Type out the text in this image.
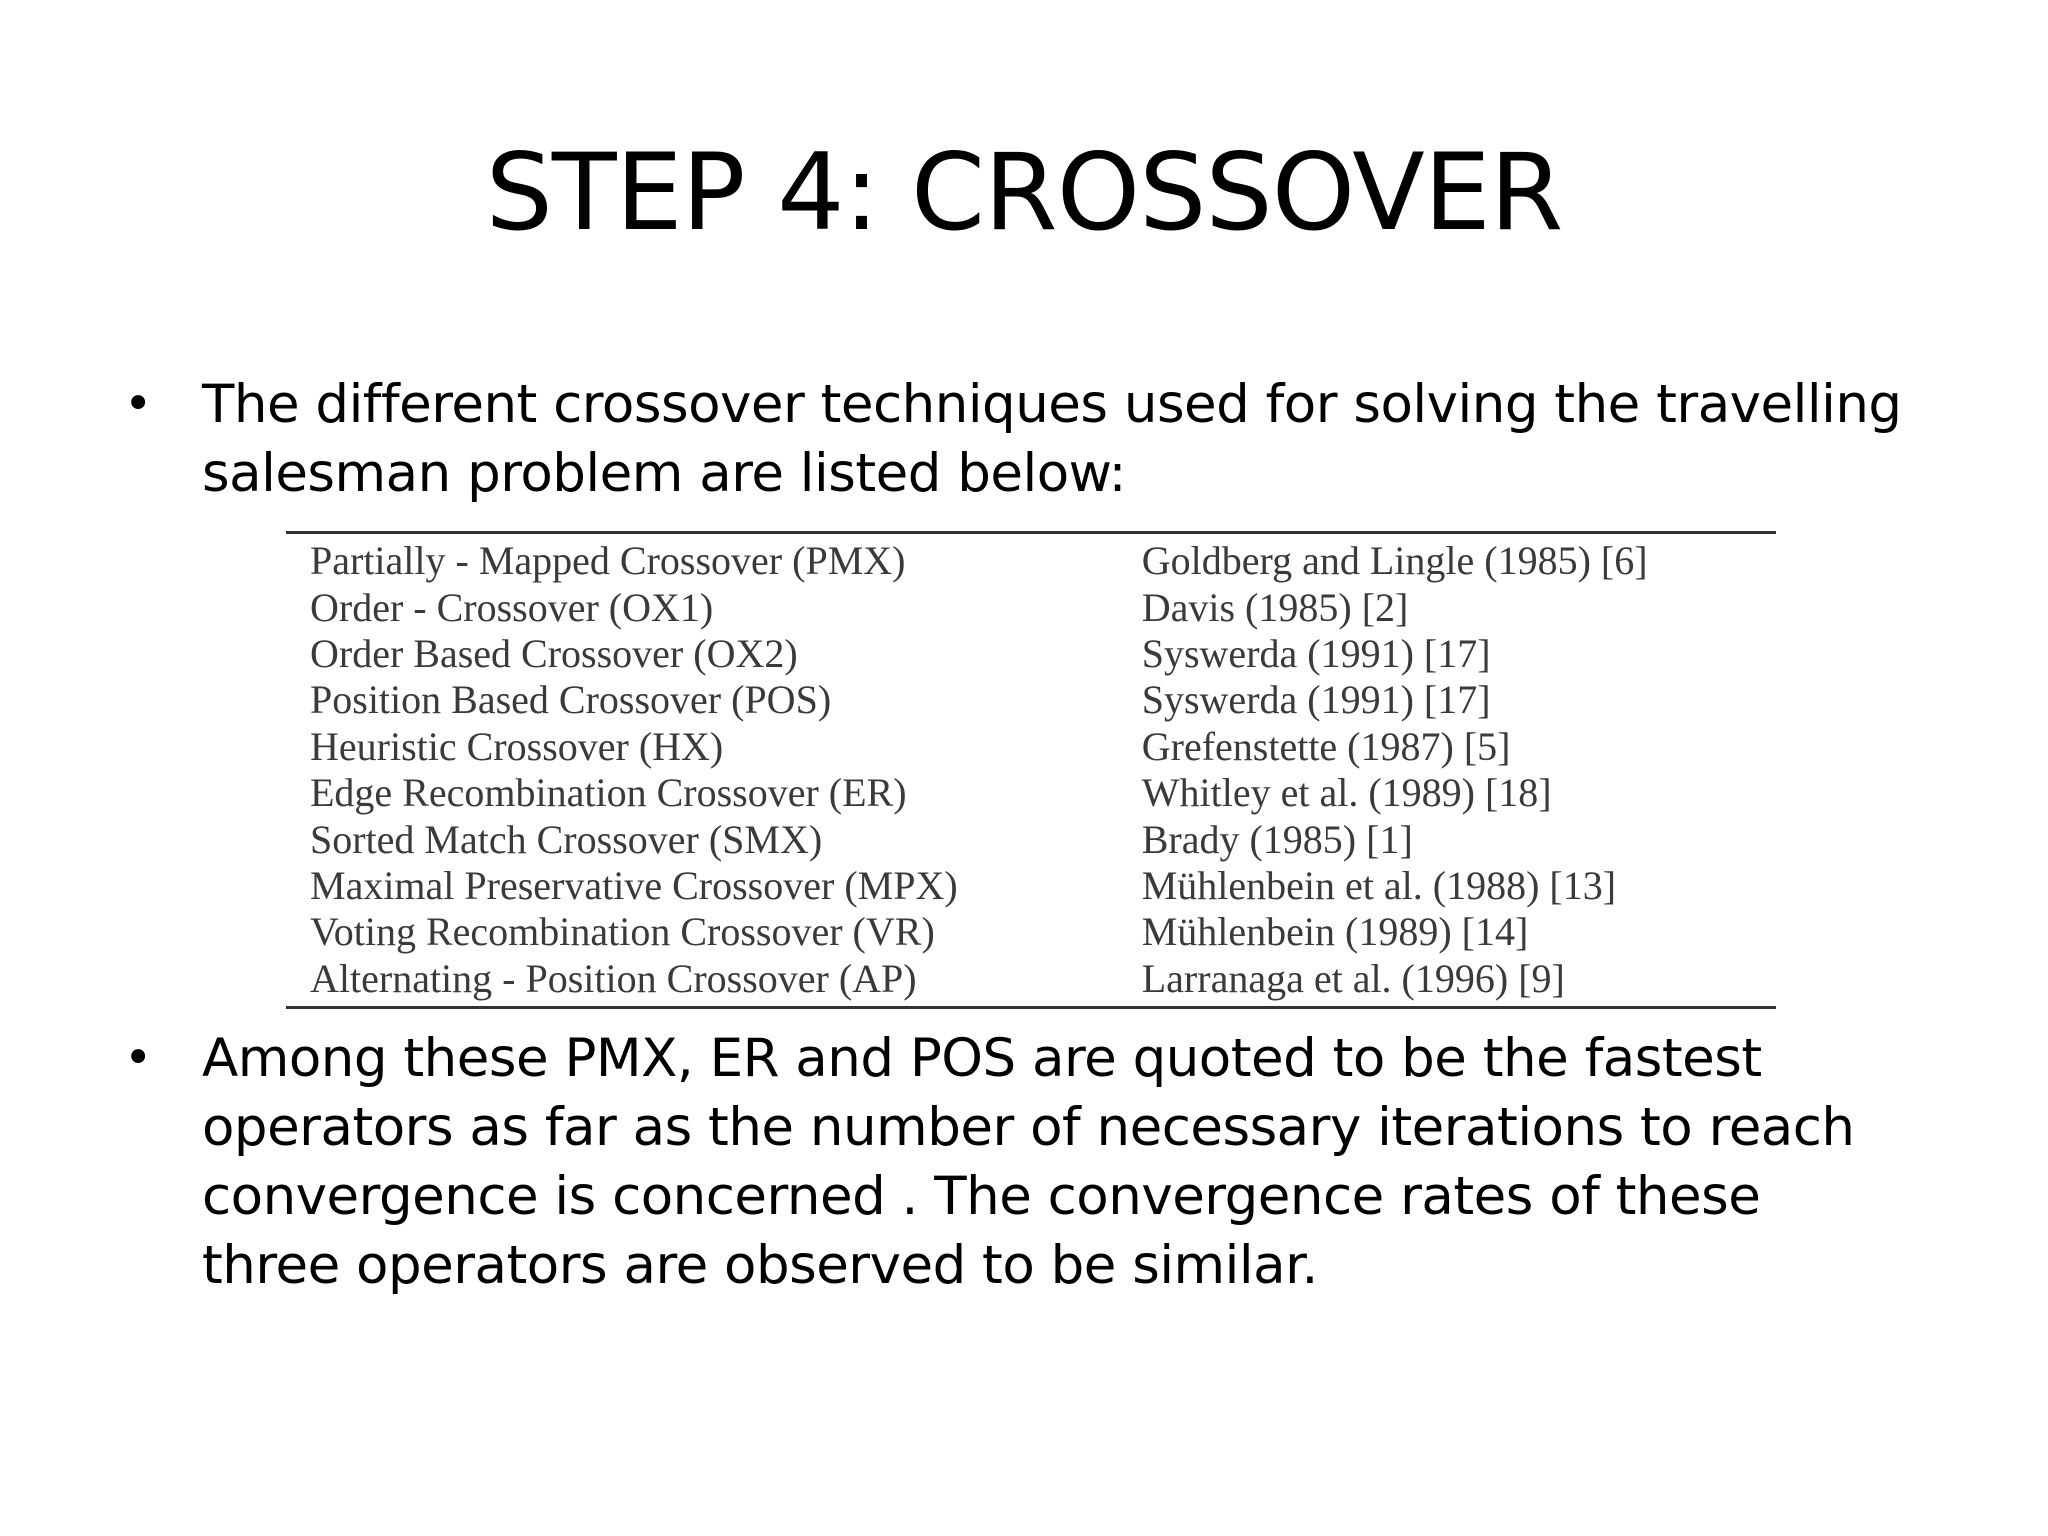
STEP 4: CROSSOVER
• The different crossover techniques used for solving the travelling salesman problem are listed below:
Partially - Mapped Crossover (PMX)	Goldberg and Lingle (1985) [6]
Order - Crossover (OX1)	Davis (1985) [2]
Order Based Crossover (OX2)	Syswerda (1991) [17]
Position Based Crossover (POS)	Syswerda (1991) [17]
Heuristic Crossover (HX)	Grefenstette (1987) [5]
Edge Recombination Crossover (ER)	Whitley et al. (1989) [18]
Sorted Match Crossover (SMX)	Brady (1985) [1]
Maximal Preservative Crossover (MPX)	Mühlenbein et al. (1988) [13]
Voting Recombination Crossover (VR)	Mühlenbein (1989) [14]
Alternating - Position Crossover (AP)	Larranaga et al. (1996) [9]
• Among these PMX, ER and POS are quoted to be the fastest operators as far as the number of necessary iterations to reach convergence is concerned . The convergence rates of these three operators are observed to be similar.
